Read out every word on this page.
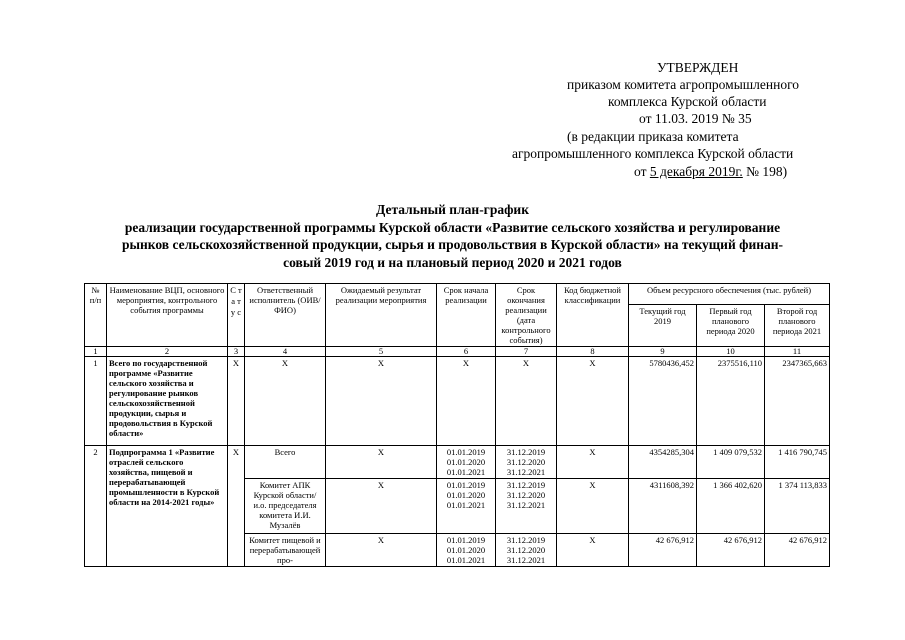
УТВЕРЖДЕН
приказом комитета агропромышленного
комплекса Курской области
от 11.03. 2019 № 35
(в редакции приказа комитета
агропромышленного комплекса Курской области
от 5 декабря 2019г. № 198)
Детальный план-график
реализации государственной программы Курской области «Развитие сельского хозяйства и регулирование
рынков сельскохозяйственной продукции, сырья и продовольствия в Курской области» на текущий финан-
совый 2019 год и на плановый период 2020 и 2021 годов
№ п/п	Наименование ВЦП, основного мероприятия, контрольного события программы	С т а т у с	Ответственный исполнитель (ОИВ/ФИО)	Ожидаемый результат реализации мероприятия	Срок начала реализации	Срок окончания реализации (дата контрольного события)	Код бюджетной классификации	Объем ресурсного обеспечения (тыс. рублей)		
								Текущий год 2019	Первый год планового периода 2020	Второй год планового периода 2021
1	2	3	4	5	6	7	8	9	10	11
1	Всего по государственной программе «Развитие сельского хозяйства и регулирование рынков сельскохозяйственной продукции, сырья и продовольствия в Курской области»	X	X	X	X	X	X	5780436,452	2375516,110	2347365,663
2	Подпрограмма 1 «Развитие отраслей сельского хозяйства, пищевой и перерабатывающей промышленности в Курской области на 2014-2021 годы»	X	Всего	X	01.01.2019 01.01.2020 01.01.2021	31.12.2019 31.12.2020 31.12.2021	X	4354285,304	1 409 079,532	1 416 790,745
			Комитет АПК Курской области/ и.о. председателя комитета И.И. Музалёв	X	01.01.2019 01.01.2020 01.01.2021	31.12.2019 31.12.2020 31.12.2021	X	4311608,392	1 366 402,620	1 374 113,833
			Комитет пищевой и перерабатывающей про-	X	01.01.2019 01.01.2020 01.01.2021	31.12.2019 31.12.2020 31.12.2021	X	42 676,912	42 676,912	42 676,912
